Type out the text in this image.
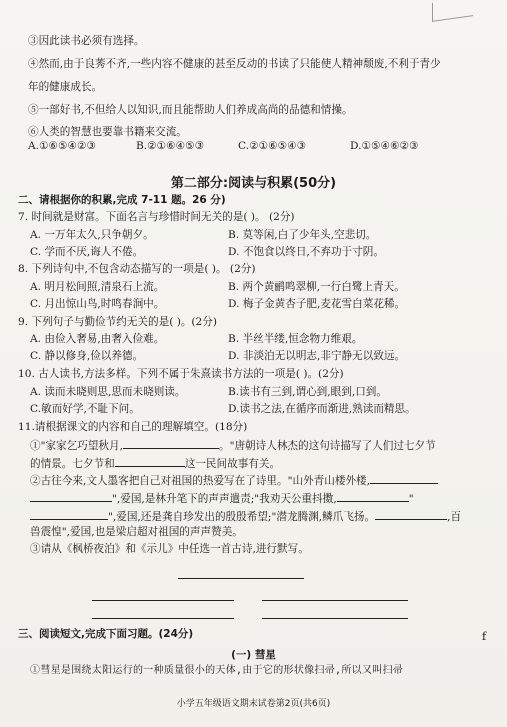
③因此读书必须有选择。
④然而,由于良莠不齐,一些内容不健康的甚至反动的书读了只能使人精神颓废,不利于青少
年的健康成长。
⑤一部好书,不但给人以知识,而且能帮助人们养成高尚的品德和情操。
⑥人类的智慧也要靠书籍来交流。
A.①⑥⑤④②③	B.②①⑥④⑤③	C.②①⑥⑤④③	D.①⑤④⑥②③
第二部分:阅读与积累(50分)
二、请根据你的积累,完成 7-11 题。26 分)
7. 时间就是财富。下面名言与珍惜时间无关的是( )。 (2分)
A. 一万年太久,只争朝夕。	B. 莫等闲,白了少年头,空悲切。
C. 学而不厌,诲人不倦。	D. 不饱食以终日,不弃功于寸阴。
8. 下列诗句中,不包含动态描写的一项是( )。 (2分)
A. 明月松间照,清泉石上流。	B. 两个黄鹂鸣翠柳,一行白鹭上青天。
C. 月出惊山鸟,时鸣春涧中。	D. 梅子金黄杏子肥,麦花雪白菜花稀。
9. 下列句子与勤俭节约无关的是( )。(2分)
A. 由俭入奢易,由奢入俭难。	B. 半丝半缕,恒念物力维艰。
C. 静以修身,俭以养德。	D. 非淡泊无以明志,非宁静无以致远。
10. 古人读书,方法多样。下列不属于朱熹读书方法的一项是( )。(2分)
A. 读而未晓则思,思而未晓则读。	B.读书有三到,谓心到,眼到,口到。
C.敏而好学,不耻下问。	D.读书之法,在循序而渐进,熟读而精思。
11.请根据课文的内容和自己的理解填空。(18分)
①"家家乞巧望秋月,	。"唐朝诗人林杰的这句诗描写了人们过七夕节
的情景。七夕节和	这一民间故事有关。
②古往今来,文人墨客把自己对祖国的热爱写在了诗里。"山外青山楼外楼,
",爱国,是林升笔下的声声遣责;"我劝天公重抖擞,	"
",爱国,还是龚自珍发出的殷殷希望;"潜龙腾渊,鳞爪飞扬。	,百
兽震惶",爱国,也是梁启超对祖国的声声赞美。
③请从《枫桥夜泊》和《示儿》中任选一首古诗,进行默写。
三、阅读短文,完成下面习题。(24分)	f
(一) 彗星
①彗星是围绕太阳运行的一种质量很小的天体,由于它的形状像扫帚,所以又叫扫帚
小学五年级语文期末试卷第2页(共6页)
